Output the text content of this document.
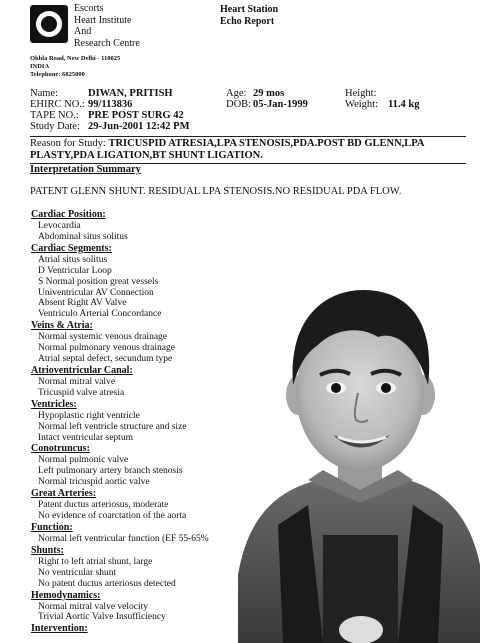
Escorts
Heart Institute
And
Research Centre
Okhla Road, New Delhi - 110025
INDIA
Telephone: 6825000
Heart Station
Echo Report
Name:	DIWAN, PRITISH
EHIRC NO.: 99/113836
TAPE NO.: PRE POST SURG 42
Study Date: 29-Jun-2001 12:42 PM
Age: 29 mos
DOB: 05-Jan-1999
Height:
Weight: 11.4 kg
Reason for Study: TRICUSPID ATRESIA,LPA STENOSIS,PDA.POST BD GLENN,LPA
PLASTY,PDA LIGATION,BT SHUNT LIGATION.
Interpretation Summary
PATENT GLENN SHUNT. RESIDUAL LPA STENOSIS.NO RESIDUAL PDA FLOW.
Cardiac Position:
Levocardia
Abdominal situs solitus
Cardiac Segments:
Atrial situs solitus
D Ventricular Loop
S Normal position great vessels
Univentricular AV Connection
Absent Right AV Valve
Ventriculo Arterial Concordance
Veins & Atria:
Normal systemic venous drainage
Normal pulmonary venous drainage
Atrial septal defect, secundum type
Atrioventricular Canal:
Normal mitral valve
Tricuspid valve atresia
Ventricles:
Hypoplastic right ventricle
Normal left ventricle structure and size
Intact ventricular septum
Conotruncus:
Normal pulmonic valve
Left pulmonary artery branch stenosis
Normal tricuspid aortic valve
Great Arteries:
Patent ductus arteriosus, moderate
No evidence of coarctation of the aorta
Function:
Normal left ventricular function (EF 55-65%
Shunts:
Right to left atrial shunt, large
No ventricular shunt
No patent ductus arteriosus detected
Hemodynamics:
Normal mitral valve velocity
Trivial Aortic Valve Insufficiency
Intervention:
